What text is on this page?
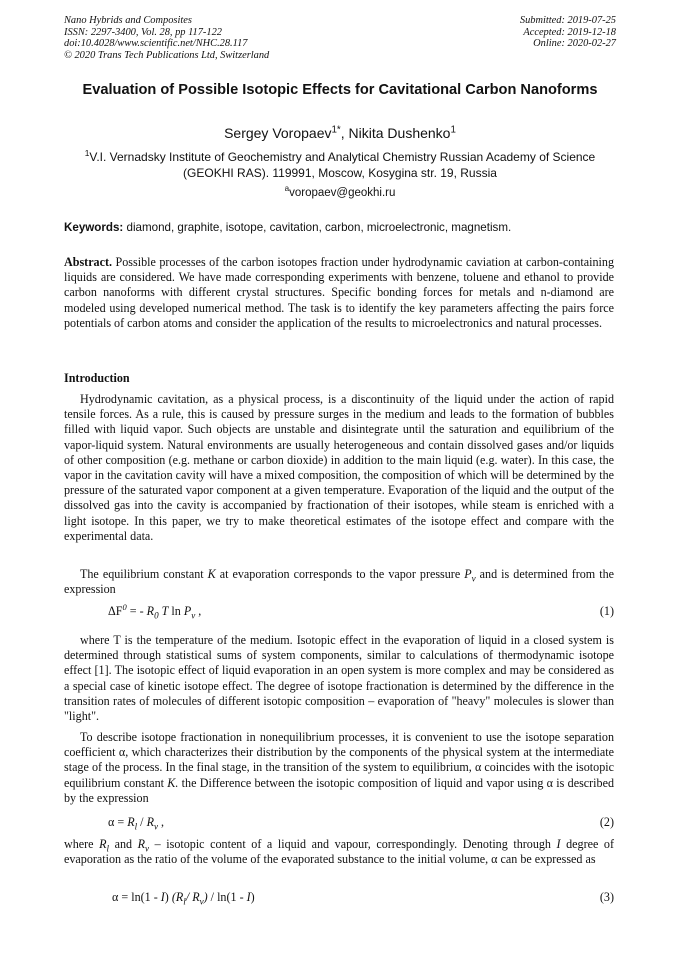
Nano Hybrids and Composites
ISSN: 2297-3400, Vol. 28, pp 117-122
doi:10.4028/www.scientific.net/NHC.28.117
© 2020 Trans Tech Publications Ltd, Switzerland
Submitted: 2019-07-25
Accepted: 2019-12-18
Online: 2020-02-27
Evaluation of Possible Isotopic Effects for Cavitational Carbon Nanoforms
Sergey Voropaev$^{1*}$, Nikita Dushenko$^1$
$^1$V.I. Vernadsky Institute of Geochemistry and Analytical Chemistry Russian Academy of Science (GEOKHI RAS). 119991, Moscow, Kosygina str. 19, Russia
$^a$voropaev@geokhi.ru
Keywords: diamond, graphite, isotope, cavitation, carbon, microelectronic, magnetism.
Abstract. Possible processes of the carbon isotopes fraction under hydrodynamic caviation at carbon-containing liquids are considered. We have made corresponding experiments with benzene, toluene and ethanol to provide carbon nanoforms with different crystal structures. Specific bonding forces for metals and n-diamond are modeled using developed numerical method. The task is to identify the key parameters affecting the pairs force potentials of carbon atoms and consider the application of the results to microelectronics and natural processes.
Introduction
Hydrodynamic cavitation, as a physical process, is a discontinuity of the liquid under the action of rapid tensile forces. As a rule, this is caused by pressure surges in the medium and leads to the formation of bubbles filled with liquid vapor. Such objects are unstable and disintegrate until the saturation and equilibrium of the vapor-liquid system. Natural environments are usually heterogeneous and contain dissolved gases and/or liquids of other composition (e.g. methane or carbon dioxide) in addition to the main liquid (e.g. water). In this case, the vapor in the cavitation cavity will have a mixed composition, the composition of which will be determined by the pressure of the saturated vapor component at a given temperature. Evaporation of the liquid and the output of the dissolved gas into the cavity is accompanied by fractionation of their isotopes, while steam is enriched with a light isotope. In this paper, we try to make theoretical estimates of the isotope effect and compare with the experimental data.
The equilibrium constant K at evaporation corresponds to the vapor pressure $P_v$ and is determined from the expression
$\Delta F^0$ = - $R_0$ T $\ln P_v$ ,	(1)
where T is the temperature of the medium. Isotopic effect in the evaporation of liquid in a closed system is determined through statistical sums of system components, similar to calculations of thermodynamic isotope effect [1]. The isotopic effect of liquid evaporation in an open system is more complex and may be considered as a special case of kinetic isotope effect. The degree of isotope fractionation is determined by the difference in the transition rates of molecules of different isotopic composition – evaporation of "heavy" molecules is slower than "light".
To describe isotope fractionation in nonequilibrium processes, it is convenient to use the isotope separation coefficient α, which characterizes their distribution by the components of the physical system at the intermediate stage of the process. In the final stage, in the transition of the system to equilibrium, α coincides with the isotopic equilibrium constant K. the Difference between the isotopic composition of liquid and vapor using α is described by the expression
$\alpha = R_l / R_v$ ,	(2)
where $R_l$ and $R_v$ – isotopic content of a liquid and vapour, correspondingly. Denoting through I degree of evaporation as the ratio of the volume of the evaporated substance to the initial volume, α can be expressed as
α = ln(1 - I) ($R_l/$ $R_v) / \ln(1 - I)$	(3)
